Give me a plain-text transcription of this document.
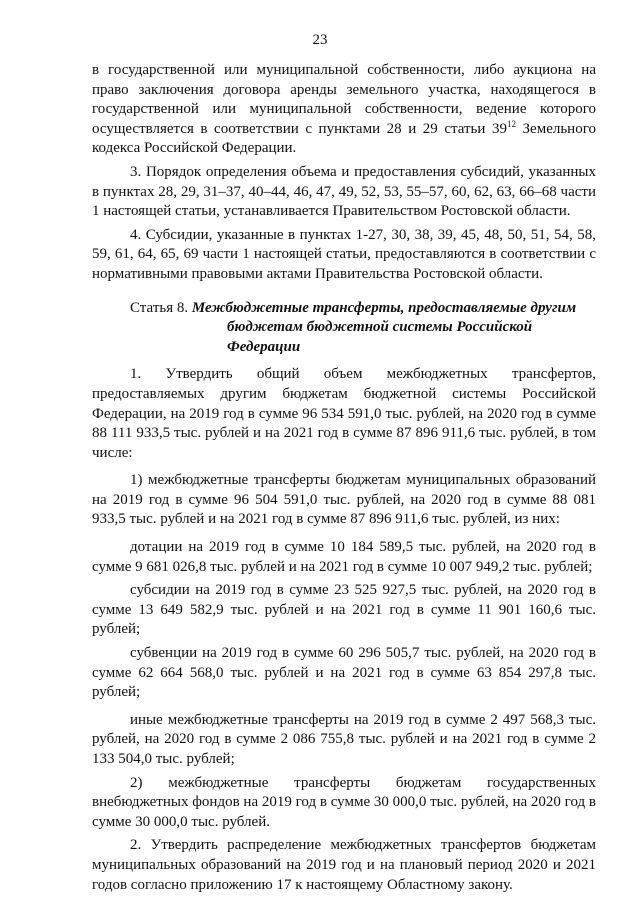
23

в государственной или муниципальной собственности, либо аукциона на право заключения договора аренды земельного участка, находящегося в государственной или муниципальной собственности, ведение которого осуществляется в соответствии с пунктами 28 и 29 статьи $39^{12}$ Земельного кодекса Российской Федерации.

3. Порядок определения объема и предоставления субсидий, указанных в пунктах 28, 29, 31–37, 40–44, 46, 47, 49, 52, 53, 55–57, 60, 62, 63, 66–68 части 1 настоящей статьи, устанавливается Правительством Ростовской области.

4. Субсидии, указанные в пунктах 1-27, 30, 38, 39, 45, 48, 50, 51, 54, 58, 59, 61, 64, 65, 69 части 1 настоящей статьи, предоставляются в соответствии с нормативными правовыми актами Правительства Ростовской области.

Статья 8. Межбюджетные трансферты, предоставляемые другим
бюджетам бюджетной системы Российской Федерации

1. Утвердить общий объем межбюджетных трансфертов, предоставляемых другим бюджетам бюджетной системы Российской Федерации, на 2019 год в сумме 96 534 591,0 тыс. рублей, на 2020 год в сумме 88 111 933,5 тыс. рублей и на 2021 год в сумме 87 896 911,6 тыс. рублей, в том числе:

1) межбюджетные трансферты бюджетам муниципальных образований на 2019 год в сумме 96 504 591,0 тыс. рублей, на 2020 год в сумме 88 081 933,5 тыс. рублей и на 2021 год в сумме 87 896 911,6 тыс. рублей, из них:

дотации на 2019 год в сумме 10 184 589,5 тыс. рублей, на 2020 год в сумме 9 681 026,8 тыс. рублей и на 2021 год в сумме 10 007 949,2 тыс. рублей;

субсидии на 2019 год в сумме 23 525 927,5 тыс. рублей, на 2020 год в сумме 13 649 582,9 тыс. рублей и на 2021 год в сумме 11 901 160,6 тыс. рублей;

субвенции на 2019 год в сумме 60 296 505,7 тыс. рублей, на 2020 год в сумме 62 664 568,0 тыс. рублей и на 2021 год в сумме 63 854 297,8 тыс. рублей;

иные межбюджетные трансферты на 2019 год в сумме 2 497 568,3 тыс. рублей, на 2020 год в сумме 2 086 755,8 тыс. рублей и на 2021 год в сумме 2 133 504,0 тыс. рублей;

2) межбюджетные трансферты бюджетам государственных внебюджетных фондов на 2019 год в сумме 30 000,0 тыс. рублей, на 2020 год в сумме 30 000,0 тыс. рублей.

2. Утвердить распределение межбюджетных трансфертов бюджетам муниципальных образований на 2019 год и на плановый период 2020 и 2021 годов согласно приложению 17 к настоящему Областному закону.
